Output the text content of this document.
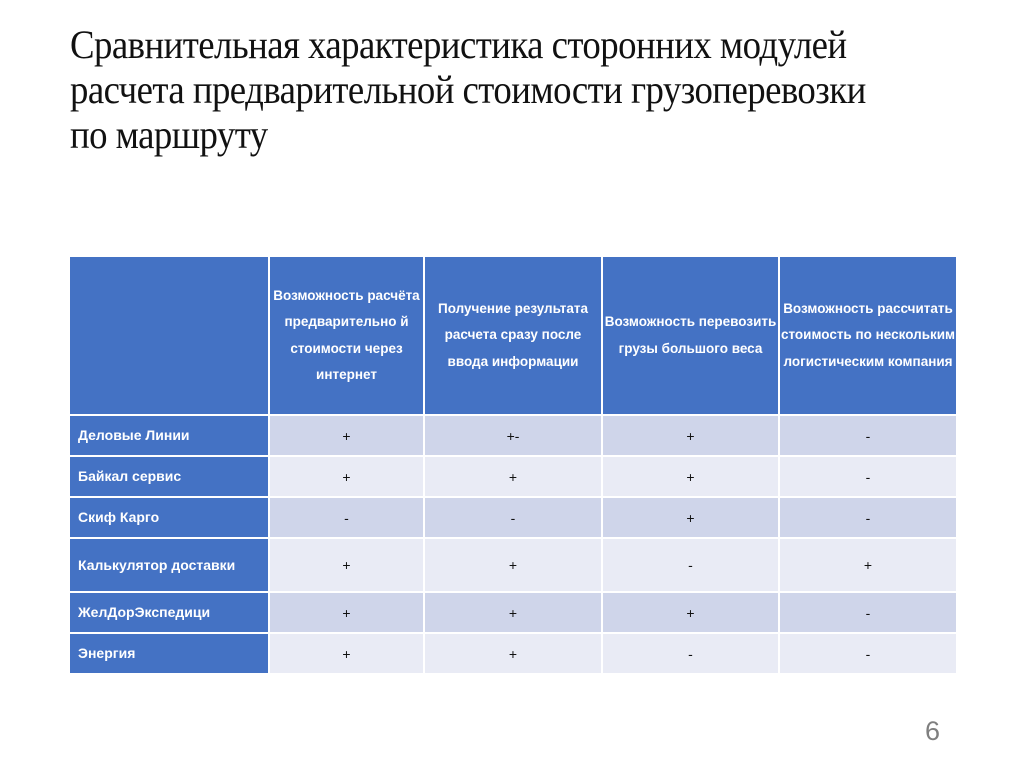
Сравнительная характеристика сторонних модулей расчета предварительной стоимости грузоперевозки по маршруту
	Возможность расчёта предварительно й стоимости через интернет	Получение результата расчета сразу после ввода информации	Возможность перевозить грузы большого веса	Возможность рассчитать стоимость по нескольким логистическим компания
Деловые Линии	+	+-	+	-
Байкал сервис	+	+	+	-
Скиф Карго	-	-	+	-
Калькулятор доставки	+	+	-	+
ЖелДорЭкспедици	+	+	+	-
Энергия	+	+	-	-
6
